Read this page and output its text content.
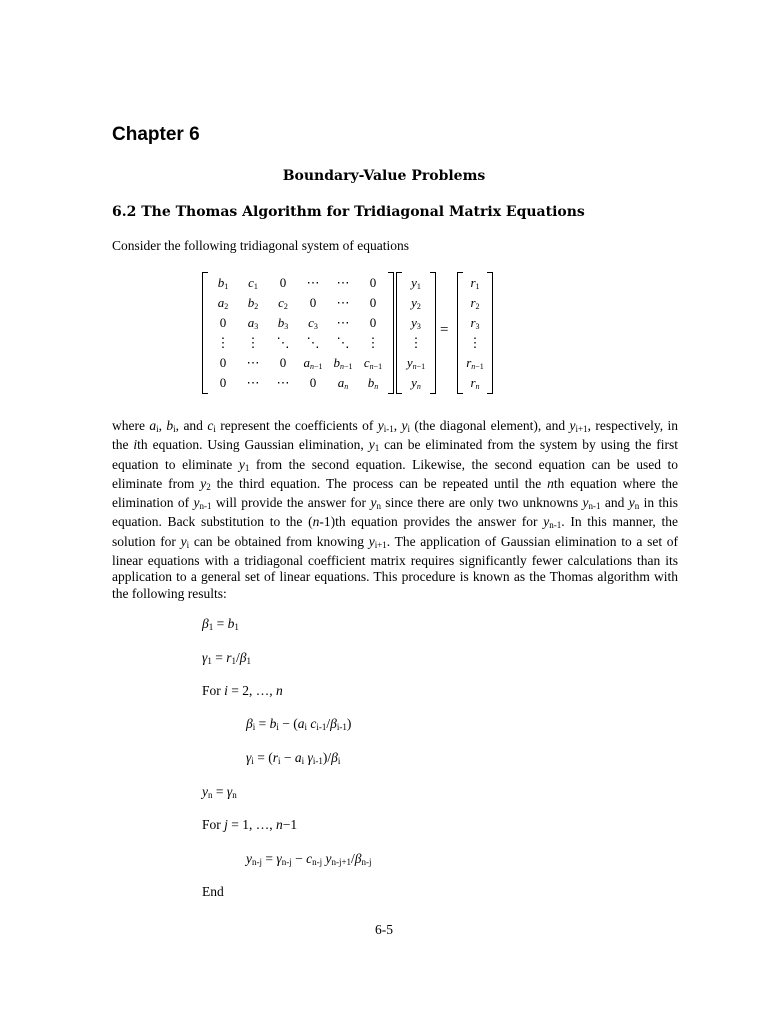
Chapter 6
Boundary-Value Problems
6.2 The Thomas Algorithm for Tridiagonal Matrix Equations
Consider the following tridiagonal system of equations
$b_1$	$c_1$	0	⋯	⋯	0
$a_2$	$b_2$	$c_2$	0	⋯	0
0	$a_3$	$b_3$	$c_3$	⋯	0
⋮	⋮	⋱	⋱	⋱	⋮
0	⋯	0	$a_{n-1}$ $b_{n-1}$ $c_{n-1}$
0	⋯	⋯	0	$a_n$	$b_n$
$y_1$
$y_2$
$y_3$
⋮
$y_{n-1}$
$y_n$
=
$r_1$
$r_2$
$r_3$
⋮
$r_{n-1}$
$r_n$
where $a_i$, $b_i$, and $c_i$ represent the coefficients of $y_{i-1}$, $y_i$ (the diagonal element), and $y_{i+1}$, respectively, in the ith equation. Using Gaussian elimination, $y_1$ can be eliminated from the system by using the first equation to eliminate $y_1$ from the second equation. Likewise, the second equation can be used to eliminate from $y_2$ the third equation. The process can be repeated until the nth equation where the elimination of $y_{n-1}$ will provide the answer for $y_n$ since there are only two unknowns $y_{n-1}$ and $y_n$ in this equation. Back substitution to the (n-1)th equation provides the answer for $y_{n-1}$. In this manner, the solution for $y_i$ can be obtained from knowing $y_{i+1}$. The application of Gaussian elimination to a set of linear equations with a tridiagonal coefficient matrix requires significantly fewer calculations than its application to a general set of linear equations. This procedure is known as the Thomas algorithm with the following results:
$\beta_1 = b_1$
$\gamma_1 = r_1/\beta_1$
For i = 2, …, n
$\beta_i = b_i - (a_i$ $c_{i-1}/\beta_{i-1}$)
$\gamma_i = (r_i - a_i$ $\gamma_{i-1})/\beta_i$
$y_n = \gamma_n$
For j = 1, …, n−1
$y_{n-j} = \gamma_{n-j} - c_{n-j}$ $y_{n-j+1}/\beta_{n-j}$
End
6-5
